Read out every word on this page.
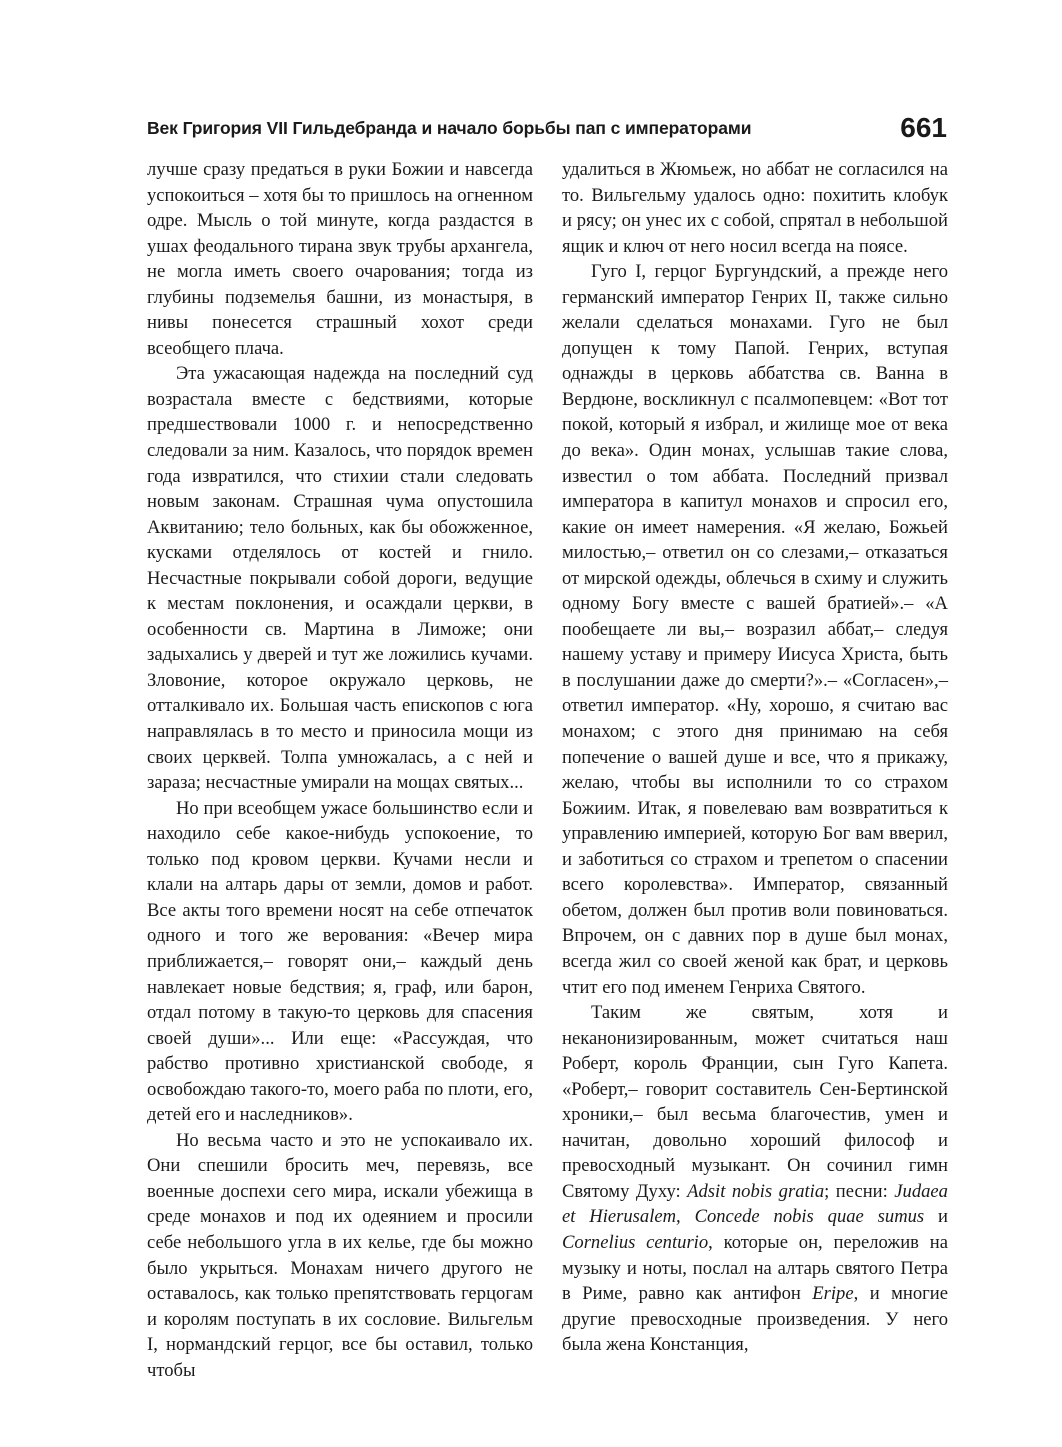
Век Григория VII Гильдебранда и начало борьбы пап с императорами	661

лучше сразу предаться в руки Божии и навсегда успокоиться – хотя бы то пришлось на огненном одре. Мысль о той минуте, когда раздастся в ушах феодального тирана звук трубы архангела, не могла иметь своего очарования; тогда из глубины подземелья башни, из монастыря, в нивы понесется страшный хохот среди всеобщего плача.

Эта ужасающая надежда на последний суд возрастала вместе с бедствиями, которые предшествовали 1000 г. и непосредственно следовали за ним. Казалось, что порядок времен года извратился, что стихии стали следовать новым законам. Страшная чума опустошила Аквитанию; тело больных, как бы обожженное, кусками отделялось от костей и гнило. Несчастные покрывали собой дороги, ведущие к местам поклонения, и осаждали церкви, в особенности св. Мартина в Лиможе; они задыхались у дверей и тут же ложились кучами. Зловоние, которое окружало церковь, не отталкивало их. Большая часть епископов с юга направлялась в то место и приносила мощи из своих церквей. Толпа умножалась, а с ней и зараза; несчастные умирали на мощах святых...

Но при всеобщем ужасе большинство если и находило себе какое-нибудь успокоение, то только под кровом церкви. Кучами несли и клали на алтарь дары от земли, домов и работ. Все акты того времени носят на себе отпечаток одного и того же верования: «Вечер мира приближается,– говорят они,– каждый день навлекает новые бедствия; я, граф, или барон, отдал потому в такую-то церковь для спасения своей души»... Или еще: «Рассуждая, что рабство противно христианской свободе, я освобождаю такого-то, моего раба по плоти, его, детей его и наследников».

Но весьма часто и это не успокаивало их. Они спешили бросить меч, перевязь, все военные доспехи сего мира, искали убежища в среде монахов и под их одеянием и просили себе небольшого угла в их келье, где бы можно было укрыться. Монахам ничего другого не оставалось, как только препятствовать герцогам и королям поступать в их сословие. Вильгельм I, нормандский герцог, все бы оставил, только чтобы

удалиться в Жюмьеж, но аббат не согласился на то. Вильгельму удалось одно: похитить клобук и рясу; он унес их с собой, спрятал в небольшой ящик и ключ от него носил всегда на поясе.

Гуго I, герцог Бургундский, а прежде него германский император Генрих II, также сильно желали сделаться монахами. Гуго не был допущен к тому Папой. Генрих, вступая однажды в церковь аббатства св. Ванна в Вердюне, воскликнул с псалмопевцем: «Вот тот покой, который я избрал, и жилище мое от века до века». Один монах, услышав такие слова, известил о том аббата. Последний призвал императора в капитул монахов и спросил его, какие он имеет намерения. «Я желаю, Божьей милостью,– ответил он со слезами,– отказаться от мирской одежды, облечься в схиму и служить одному Богу вместе с вашей братией».– «А пообещаете ли вы,– возразил аббат,– следуя нашему уставу и примеру Иисуса Христа, быть в послушании даже до смерти?».– «Согласен»,– ответил император. «Ну, хорошо, я считаю вас монахом; с этого дня принимаю на себя попечение о вашей душе и все, что я прикажу, желаю, чтобы вы исполнили то со страхом Божиим. Итак, я повелеваю вам возвратиться к управлению империей, которую Бог вам вверил, и заботиться со страхом и трепетом о спасении всего королевства». Император, связанный обетом, должен был против воли повиноваться. Впрочем, он с давних пор в душе был монах, всегда жил со своей женой как брат, и церковь чтит его под именем Генриха Святого.

Таким же святым, хотя и неканонизированным, может считаться наш Роберт, король Франции, сын Гуго Капета. «Роберт,– говорит составитель Сен-Бертинской хроники,– был весьма благочестив, умен и начитан, довольно хороший философ и превосходный музыкант. Он сочинил гимн Святому Духу: Adsit nobis gratia; песни: Judaea et Hierusalem, Concede nobis quae sumus и Cornelius centurio, которые он, переложив на музыку и ноты, послал на алтарь святого Петра в Риме, равно как антифон Eripe, и многие другие превосходные произведения. У него была жена Констанция,
